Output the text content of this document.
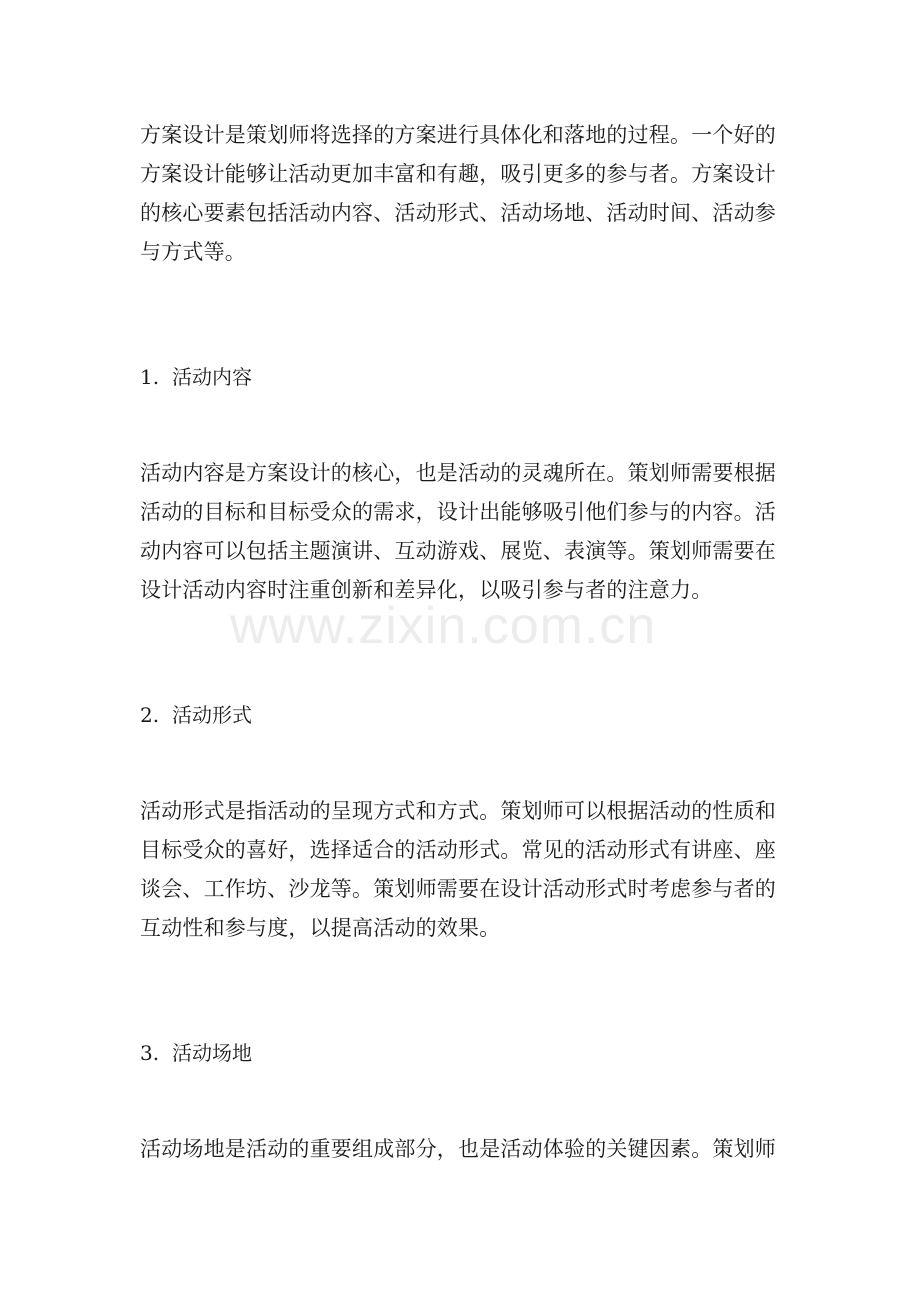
方案设计是策划师将选择的方案进行具体化和落地的过程。一个好的方案设计能够让活动更加丰富和有趣，吸引更多的参与者。方案设计的核心要素包括活动内容、活动形式、活动场地、活动时间、活动参与方式等。

1. 活动内容

活动内容是方案设计的核心，也是活动的灵魂所在。策划师需要根据活动的目标和目标受众的需求，设计出能够吸引他们参与的内容。活动内容可以包括主题演讲、互动游戏、展览、表演等。策划师需要在设计活动内容时注重创新和差异化，以吸引参与者的注意力。

2. 活动形式

活动形式是指活动的呈现方式和方式。策划师可以根据活动的性质和目标受众的喜好，选择适合的活动形式。常见的活动形式有讲座、座谈会、工作坊、沙龙等。策划师需要在设计活动形式时考虑参与者的互动性和参与度，以提高活动的效果。

3. 活动场地

活动场地是活动的重要组成部分，也是活动体验的关键因素。策划师

www.zixin.com.cn
